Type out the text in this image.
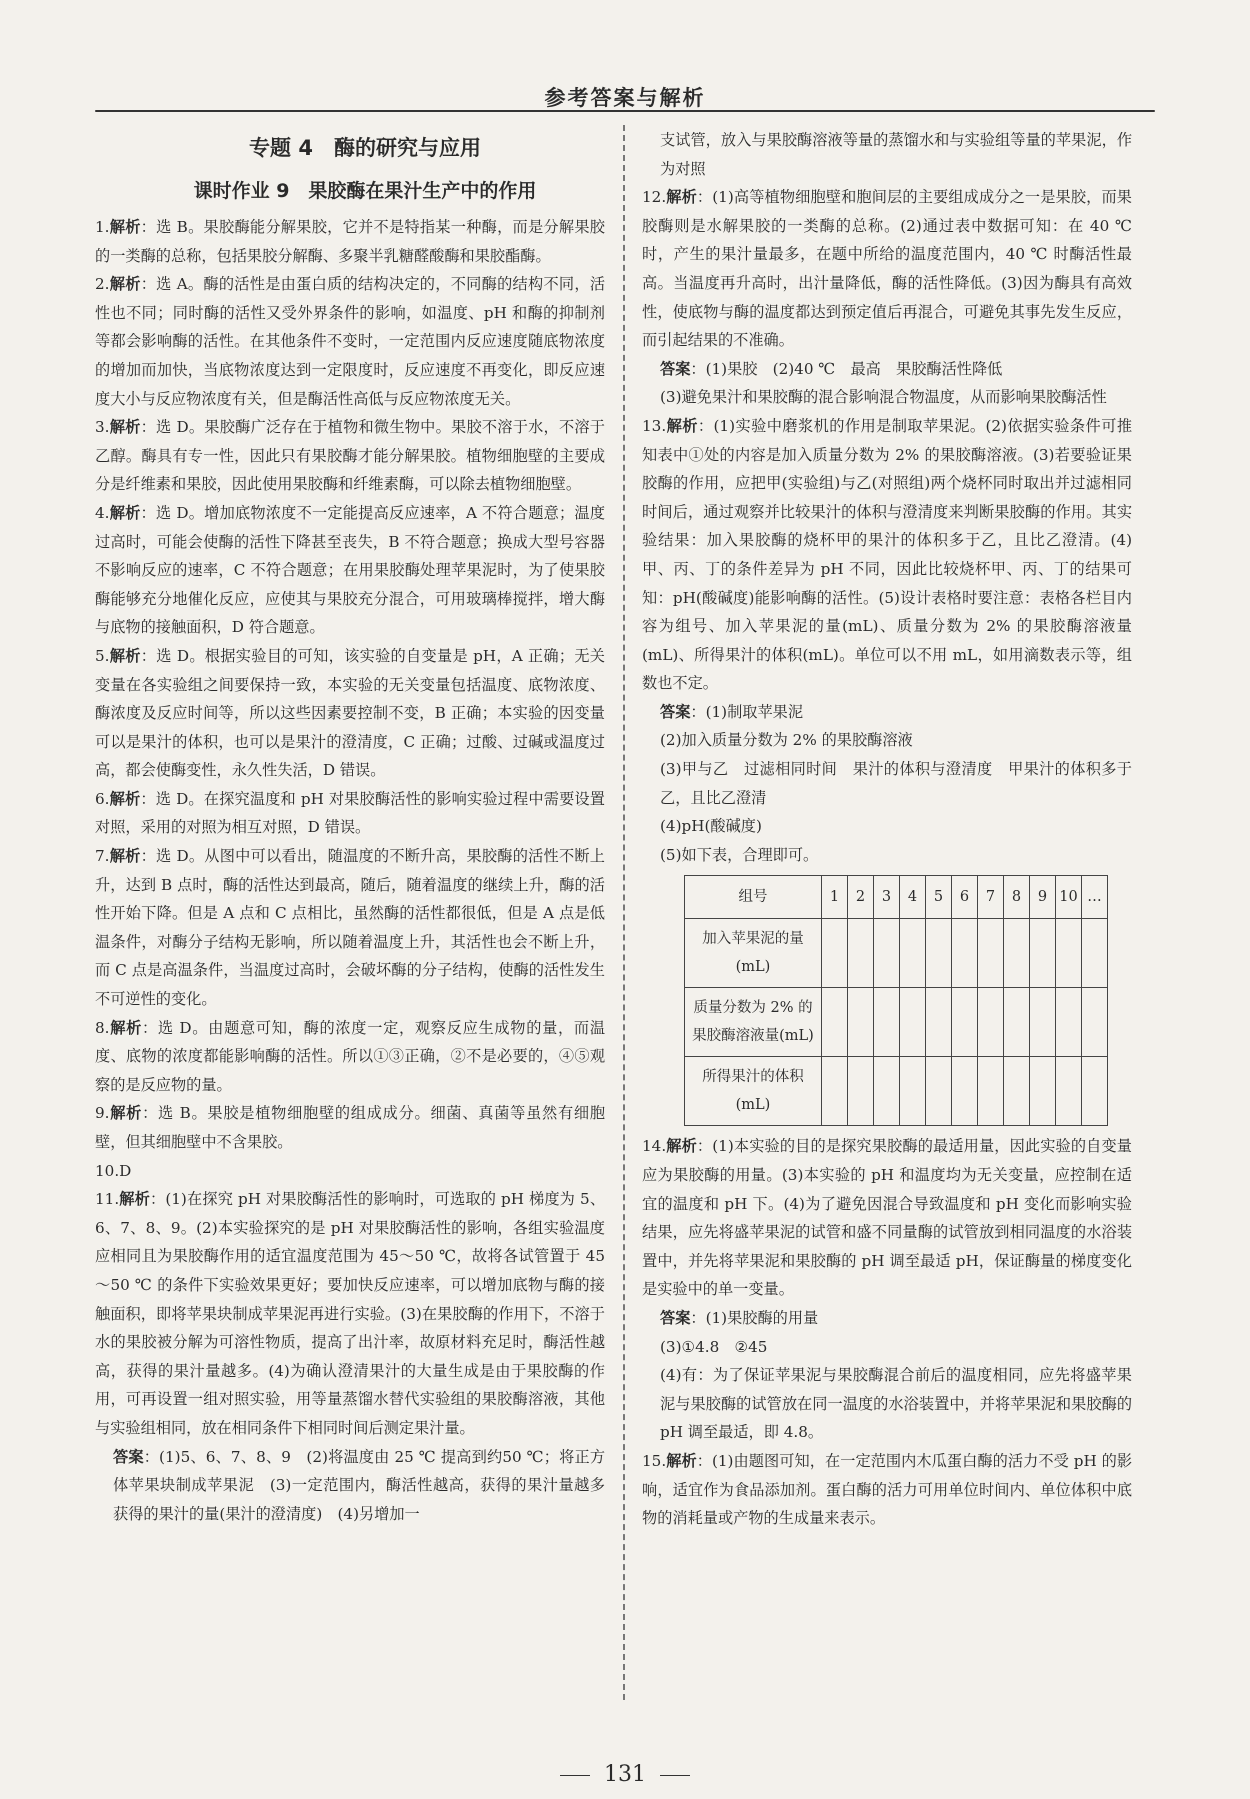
参考答案与解析
专题 4　酶的研究与应用
课时作业 9　果胶酶在果汁生产中的作用

1.解析：选 B。果胶酶能分解果胶，它并不是特指某一种酶，而是分解果胶的一类酶的总称，包括果胶分解酶、多聚半乳糖醛酸酶和果胶酯酶。

2.解析：选 A。酶的活性是由蛋白质的结构决定的，不同酶的结构不同，活性也不同；同时酶的活性又受外界条件的影响，如温度、pH 和酶的抑制剂等都会影响酶的活性。在其他条件不变时，一定范围内反应速度随底物浓度的增加而加快，当底物浓度达到一定限度时，反应速度不再变化，即反应速度大小与反应物浓度有关，但是酶活性高低与反应物浓度无关。

3.解析：选 D。果胶酶广泛存在于植物和微生物中。果胶不溶于水，不溶于乙醇。酶具有专一性，因此只有果胶酶才能分解果胶。植物细胞壁的主要成分是纤维素和果胶，因此使用果胶酶和纤维素酶，可以除去植物细胞壁。

4.解析：选 D。增加底物浓度不一定能提高反应速率，A 不符合题意；温度过高时，可能会使酶的活性下降甚至丧失，B 不符合题意；换成大型号容器不影响反应的速率，C 不符合题意；在用果胶酶处理苹果泥时，为了使果胶酶能够充分地催化反应，应使其与果胶充分混合，可用玻璃棒搅拌，增大酶与底物的接触面积，D 符合题意。

5.解析：选 D。根据实验目的可知，该实验的自变量是 pH，A 正确；无关变量在各实验组之间要保持一致，本实验的无关变量包括温度、底物浓度、酶浓度及反应时间等，所以这些因素要控制不变，B 正确；本实验的因变量可以是果汁的体积，也可以是果汁的澄清度，C 正确；过酸、过碱或温度过高，都会使酶变性，永久性失活，D 错误。

6.解析：选 D。在探究温度和 pH 对果胶酶活性的影响实验过程中需要设置对照，采用的对照为相互对照，D 错误。

7.解析：选 D。从图中可以看出，随温度的不断升高，果胶酶的活性不断上升，达到 B 点时，酶的活性达到最高，随后，随着温度的继续上升，酶的活性开始下降。但是 A 点和 C 点相比，虽然酶的活性都很低，但是 A 点是低温条件，对酶分子结构无影响，所以随着温度上升，其活性也会不断上升，而 C 点是高温条件，当温度过高时，会破坏酶的分子结构，使酶的活性发生不可逆性的变化。

8.解析：选 D。由题意可知，酶的浓度一定，观察反应生成物的量，而温度、底物的浓度都能影响酶的活性。所以①③正确，②不是必要的，④⑤观察的是反应物的量。

9.解析：选 B。果胶是植物细胞壁的组成成分。细菌、真菌等虽然有细胞壁，但其细胞壁中不含果胶。

10.D

11.解析：(1)在探究 pH 对果胶酶活性的影响时，可选取的 pH 梯度为 5、6、7、8、9。(2)本实验探究的是 pH 对果胶酶活性的影响，各组实验温度应相同且为果胶酶作用的适宜温度范围为 45～50 ℃，故将各试管置于 45～50 ℃ 的条件下实验效果更好；要加快反应速率，可以增加底物与酶的接触面积，即将苹果块制成苹果泥再进行实验。(3)在果胶酶的作用下，不溶于水的果胶被分解为可溶性物质，提高了出汁率，故原材料充足时，酶活性越高，获得的果汁量越多。(4)为确认澄清果汁的大量生成是由于果胶酶的作用，可再设置一组对照实验，用等量蒸馏水替代实验组的果胶酶溶液，其他与实验组相同，放在相同条件下相同时间后测定果汁量。

答案：(1)5、6、7、8、9　(2)将温度由 25 ℃ 提高到约50 ℃；将正方体苹果块制成苹果泥　(3)一定范围内，酶活性越高，获得的果汁量越多　获得的果汁的量(果汁的澄清度)　(4)另增加一

支试管，放入与果胶酶溶液等量的蒸馏水和与实验组等量的苹果泥，作为对照

12.解析：(1)高等植物细胞壁和胞间层的主要组成成分之一是果胶，而果胶酶则是水解果胶的一类酶的总称。(2)通过表中数据可知：在 40 ℃ 时，产生的果汁量最多，在题中所给的温度范围内，40 ℃ 时酶活性最高。当温度再升高时，出汁量降低，酶的活性降低。(3)因为酶具有高效性，使底物与酶的温度都达到预定值后再混合，可避免其事先发生反应，而引起结果的不准确。

答案：(1)果胶　(2)40 ℃　最高　果胶酶活性降低

(3)避免果汁和果胶酶的混合影响混合物温度，从而影响果胶酶活性

13.解析：(1)实验中磨浆机的作用是制取苹果泥。(2)依据实验条件可推知表中①处的内容是加入质量分数为 2% 的果胶酶溶液。(3)若要验证果胶酶的作用，应把甲(实验组)与乙(对照组)两个烧杯同时取出并过滤相同时间后，通过观察并比较果汁的体积与澄清度来判断果胶酶的作用。其实验结果：加入果胶酶的烧杯甲的果汁的体积多于乙，且比乙澄清。(4)甲、丙、丁的条件差异为 pH 不同，因此比较烧杯甲、丙、丁的结果可知：pH(酸碱度)能影响酶的活性。(5)设计表格时要注意：表格各栏目内容为组号、加入苹果泥的量(mL)、质量分数为 2% 的果胶酶溶液量(mL)、所得果汁的体积(mL)。单位可以不用 mL，如用滴数表示等，组数也不定。

答案：(1)制取苹果泥

(2)加入质量分数为 2% 的果胶酶溶液

(3)甲与乙　过滤相同时间　果汁的体积与澄清度　甲果汁的体积多于乙，且比乙澄清

(4)pH(酸碱度)

(5)如下表，合理即可。

组号	1	2	3	4	5	6	7	8	9	10	…
加入苹果泥的量(mL)											
质量分数为 2% 的果胶酶溶液量(mL)											
所得果汁的体积(mL)											

14.解析：(1)本实验的目的是探究果胶酶的最适用量，因此实验的自变量应为果胶酶的用量。(3)本实验的 pH 和温度均为无关变量，应控制在适宜的温度和 pH 下。(4)为了避免因混合导致温度和 pH 变化而影响实验结果，应先将盛苹果泥的试管和盛不同量酶的试管放到相同温度的水浴装置中，并先将苹果泥和果胶酶的 pH 调至最适 pH，保证酶量的梯度变化是实验中的单一变量。

答案：(1)果胶酶的用量

(3)①4.8　②45

(4)有：为了保证苹果泥与果胶酶混合前后的温度相同，应先将盛苹果泥与果胶酶的试管放在同一温度的水浴装置中，并将苹果泥和果胶酶的 pH 调至最适，即 4.8。

15.解析：(1)由题图可知，在一定范围内木瓜蛋白酶的活力不受 pH 的影响，适宜作为食品添加剂。蛋白酶的活力可用单位时间内、单位体积中底物的消耗量或产物的生成量来表示。

131
